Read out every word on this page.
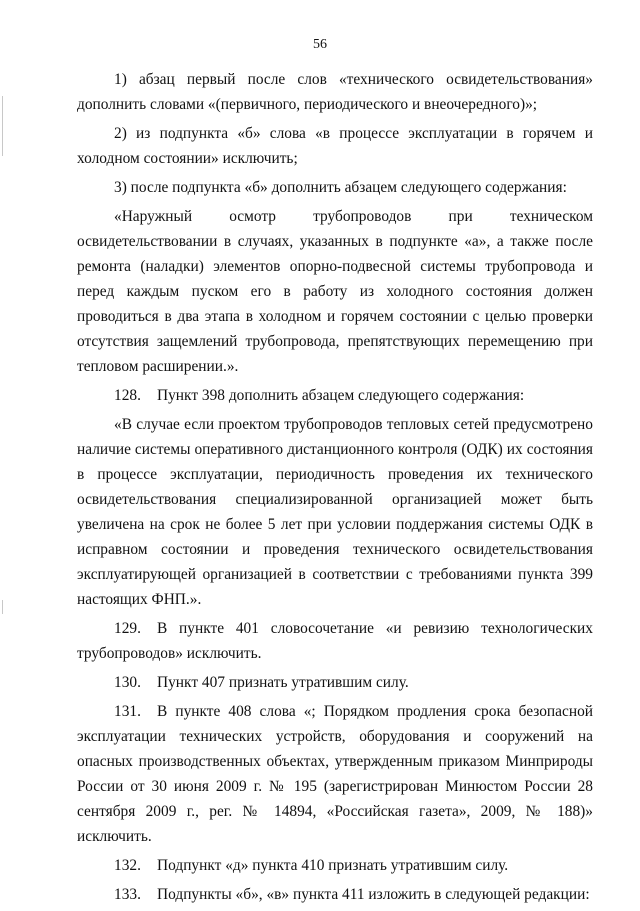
56

1) абзац первый после слов «технического освидетельствования» дополнить словами «(первичного, периодического и внеочередного)»;

2) из подпункта «б» слова «в процессе эксплуатации в горячем и холодном состоянии» исключить;

3) после подпункта «б» дополнить абзацем следующего содержания:

«Наружный осмотр трубопроводов при техническом освидетельствовании в случаях, указанных в подпункте «а», а также после ремонта (наладки) элементов опорно-подвесной системы трубопровода и перед каждым пуском его в работу из холодного состояния должен проводиться в два этапа в холодном и горячем состоянии с целью проверки отсутствия защемлений трубопровода, препятствующих перемещению при тепловом расширении.».

128. Пункт 398 дополнить абзацем следующего содержания:

«В случае если проектом трубопроводов тепловых сетей предусмотрено наличие системы оперативного дистанционного контроля (ОДК) их состояния в процессе эксплуатации, периодичность проведения их технического освидетельствования специализированной организацией может быть увеличена на срок не более 5 лет при условии поддержания системы ОДК в исправном состоянии и проведения технического освидетельствования эксплуатирующей организацией в соответствии с требованиями пункта 399 настоящих ФНП.».

129. В пункте 401 словосочетание «и ревизию технологических трубопроводов» исключить.

130. Пункт 407 признать утратившим силу.

131. В пункте 408 слова «; Порядком продления срока безопасной эксплуатации технических устройств, оборудования и сооружений на опасных производственных объектах, утвержденным приказом Минприроды России от 30 июня 2009 г. № 195 (зарегистрирован Минюстом России 28 сентября 2009 г., рег. № 14894, «Российская газета», 2009, № 188)» исключить.

132. Подпункт «д» пункта 410 признать утратившим силу.

133. Подпункты «б», «в» пункта 411 изложить в следующей редакции:
